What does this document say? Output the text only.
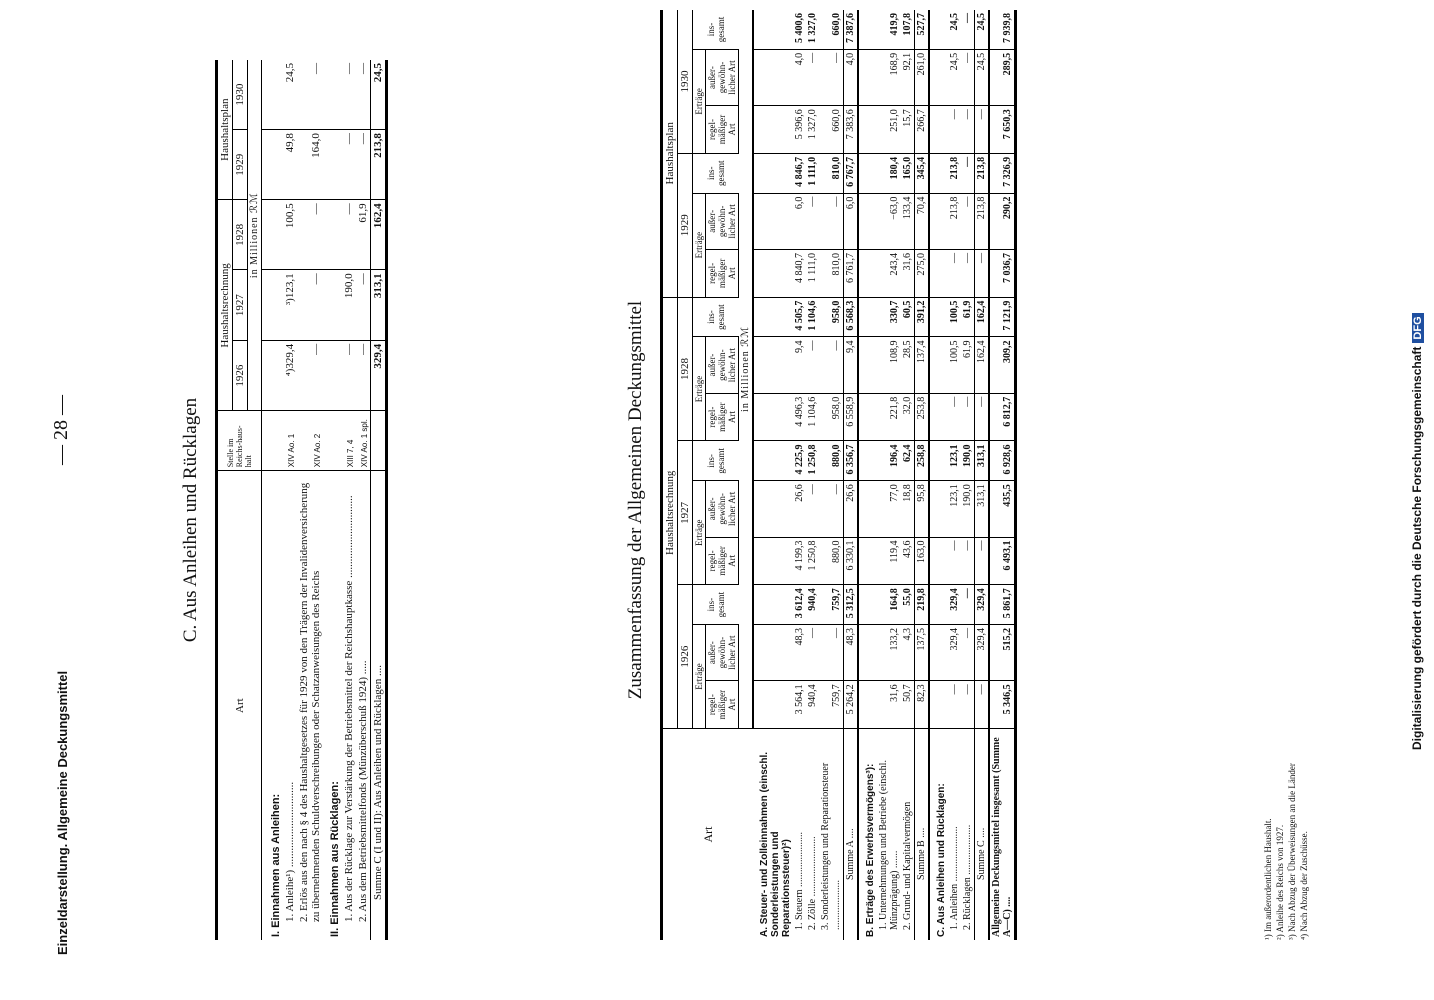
Einzeldarstellung. Allgemeine Deckungsmittel
— 28 —	C. Aus Anleihen und Rücklagen
Art	Stelle im Reichs-haus-halt	Haushaltsrechnung			Haushaltsplan	
		1926	1927	1928	1929	1930
		in Millionen ℛℳ				
I. Einnahmen aus Anleihen:						
1. Anleihe¹) ...............................	XIV Ao. 1	⁴)329,4	³)123,1	100,5	49,8	24,5
2. Erlös aus den nach § 4 des Haushaltgesetzes für 1929 von den Trägern der Invalidenversicherung zu übernehmenden Schuldverschreibungen oder Schatzanweisungen des Reichs	XIV Ao. 2	—	—	—	164,0	—
II. Einnahmen aus Rücklagen:						
1. Aus der Rücklage zur Verstärkung der Betriebsmittel der Reichshauptkasse ..............................	XIII 7, 4	—	190,0	—	—	—
2. Aus dem Betriebsmittelfonds (Münzüberschuß 1924) .....	XIV Ao. 1 spl.	—	—	61,9	—	—
Summe C (I und II): Aus Anleihen und Rücklagen ....		329,4	313,1	162,4	213,8	24,5
Zusammenfassung der Allgemeinen Deckungsmittel
Art	Haushaltsrechnung									Haushaltsplan					
	1926			1927			1928			1929			1930		
	Erträge		ins-gesamt	Erträge		ins-gesamt	Erträge		ins-gesamt	Erträge		ins-gesamt	Erträge		ins-gesamt
	regel-mäßiger Art	außer-gewöhn-licher Art		regel-mäßiger Art	außer-gewöhn-licher Art		regel-mäßiger Art	außer-gewöhn-licher Art		regel-mäßiger Art	außer-gewöhn-licher Art		regel-mäßiger Art	außer-gewöhn-licher Art	
	in Millionen ℛℳ														
A. Steuer- und Zolleinnahmen (einschl. Sonderleistungen und Reparationssteuer)²)															
1. Steuern ......................	3 564,1	48,3	3 612,4	4 199,3	26,6	4 225,9	4 496,3	9,4	4 505,7	4 840,7	6,0	4 846,7	5 396,6	4,0	5 400,6
2. Zölle ........................	940,4	—	940,4	1 250,8	—	1 250,8	1 104,6	—	1 104,6	1 111,0	—	1 111,0	1 327,0	—	1 327,0
3. Sonderleistungen und Reparationsteuer ....................	759,7	—	759,7	880,0	—	880,0	958,0	—	958,0	810,0	—	810,0	660,0	—	660,0
Summe A ....	5 264,2	48,3	5 312,5	6 330,1	26,6	6 356,7	6 558,9	9,4	6 568,3	6 761,7	6,0	6 767,7	7 383,6	4,0	7 387,6
B. Erträge des Erwerbsvermögens³):															
1. Unternehmungen und Betriebe (einschl. Münzprägung) .......	31,6	133,2	164,8	119,4	77,0	196,4	221,8	108,9	330,7	243,4	−63,0	180,4	251,0	168,9	419,9
2. Grund- und Kapitalvermögen	50,7	4,3	55,0	43,6	18,8	62,4	32,0	28,5	60,5	31,6	133,4	165,0	15,7	92,1	107,8
Summe B ....	82,3	137,5	219,8	163,0	95,8	258,8	253,8	137,4	391,2	275,0	70,4	345,4	266,7	261,0	527,7
C. Aus Anleihen und Rücklagen:															
1. Anleihen ......................	—	329,4	329,4	—	123,1	123,1	—	100,5	100,5	—	213,8	213,8	—	24,5	24,5
2. Rücklagen ....................	—	—	—	—	190,0	190,0	—	61,9	61,9	—	—	—	—	—	—
Summe C ....	—	329,4	329,4	—	313,1	313,1	—	162,4	162,4	—	213,8	213,8	—	24,5	24,5
Allgemeine Deckungsmittel insgesamt (Summe A—C) ....	5 346,5	515,2	5 861,7	6 493,1	435,5	6 928,6	6 812,7	309,2	7 121,9	7 036,7	290,2	7 326,9	7 650,3	289,5	7 939,8
¹) Im außerordentlichen Haushalt. ²) Anleihe des Reichs von 1927. ³) Nach Abzug der Überweisungen an die Länder ⁴) Nach Abzug der Zuschüsse.
Digitalisierung gefördert durch die Deutsche ForschungsgemeinschaftDFG
